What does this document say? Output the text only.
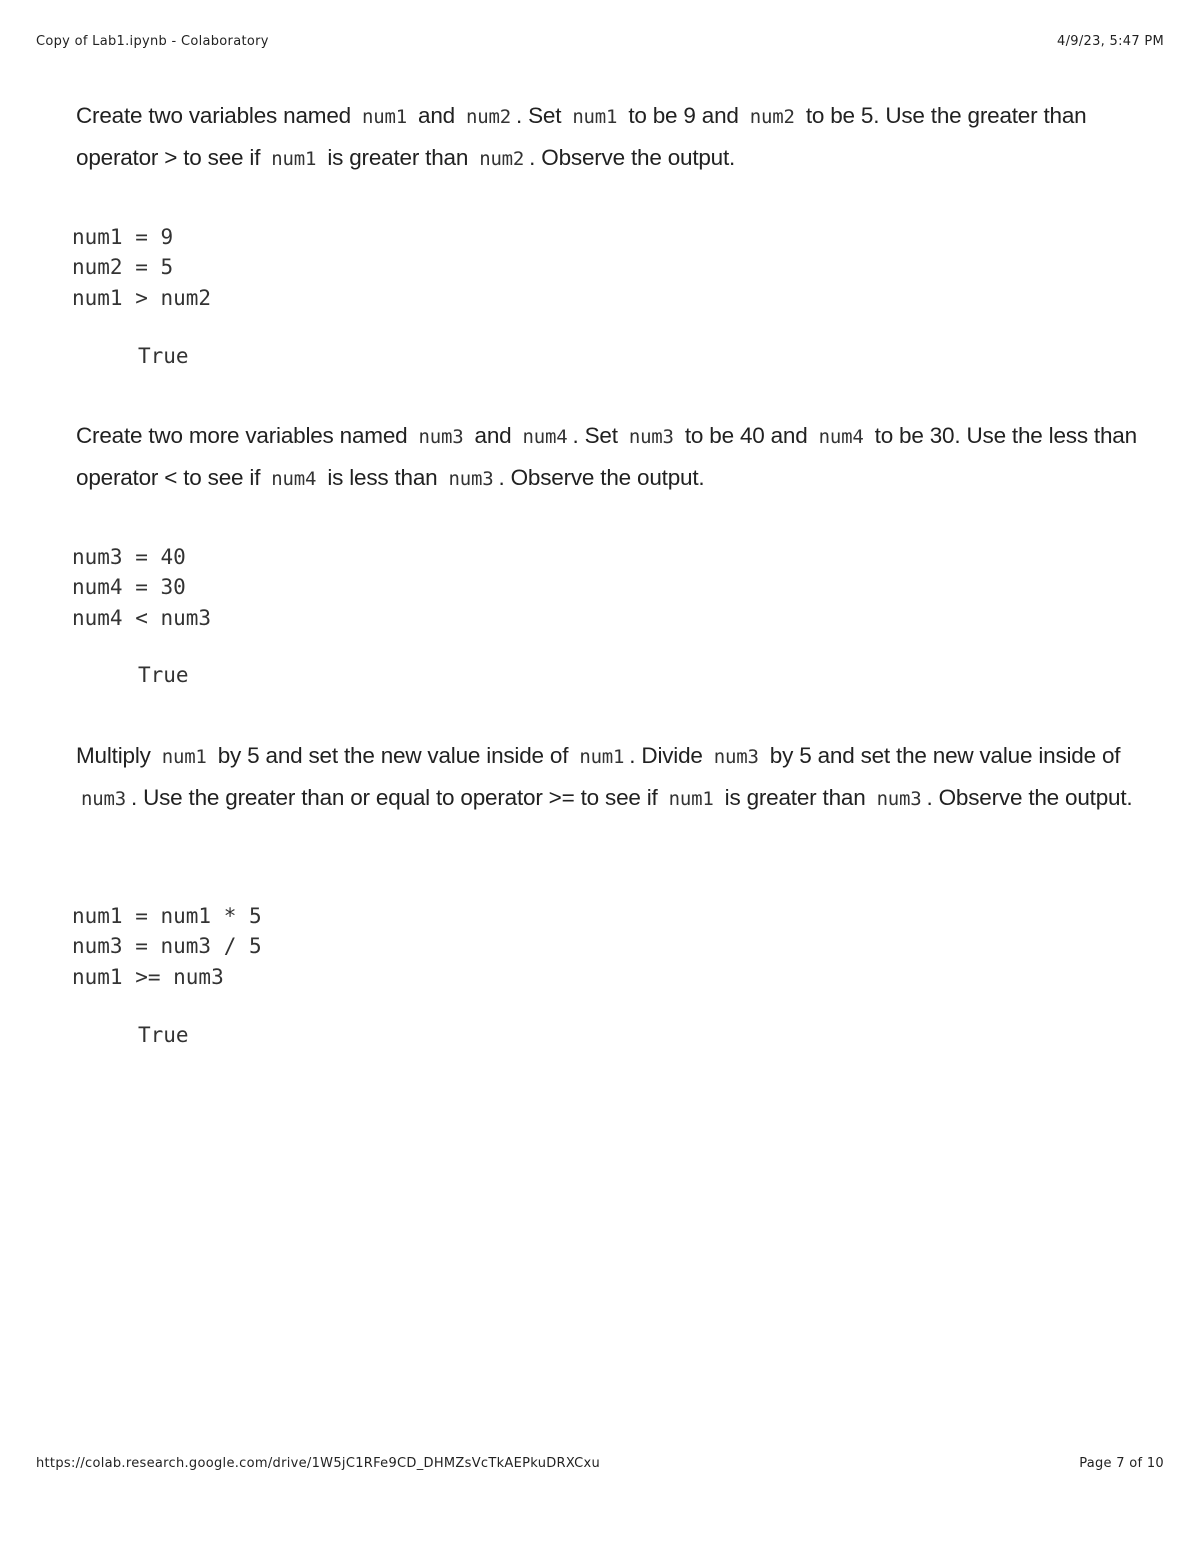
Copy of Lab1.ipynb - Colaboratory	4/9/23, 5:47 PM

Create two variables named num1 and num2 . Set num1 to be 9 and num2 to be 5. Use the greater than operator > to see if num1 is greater than num2 . Observe the output.

num1 = 9
num2 = 5
num1 > num2
True

Create two more variables named num3 and num4 . Set num3 to be 40 and num4 to be 30. Use the less than operator < to see if num4 is less than num3 . Observe the output.

num3 = 40
num4 = 30
num4 < num3
True

Multiply num1 by 5 and set the new value inside of num1 . Divide num3 by 5 and set the new value inside of num3 . Use the greater than or equal to operator >= to see if num1 is greater than num3 . Observe the output.

num1 = num1 * 5
num3 = num3 / 5
num1 >= num3
True
https://colab.research.google.com/drive/1W5jC1RFe9CD_DHMZsVcTkAEPkuDRXCxu	Page 7 of 10
